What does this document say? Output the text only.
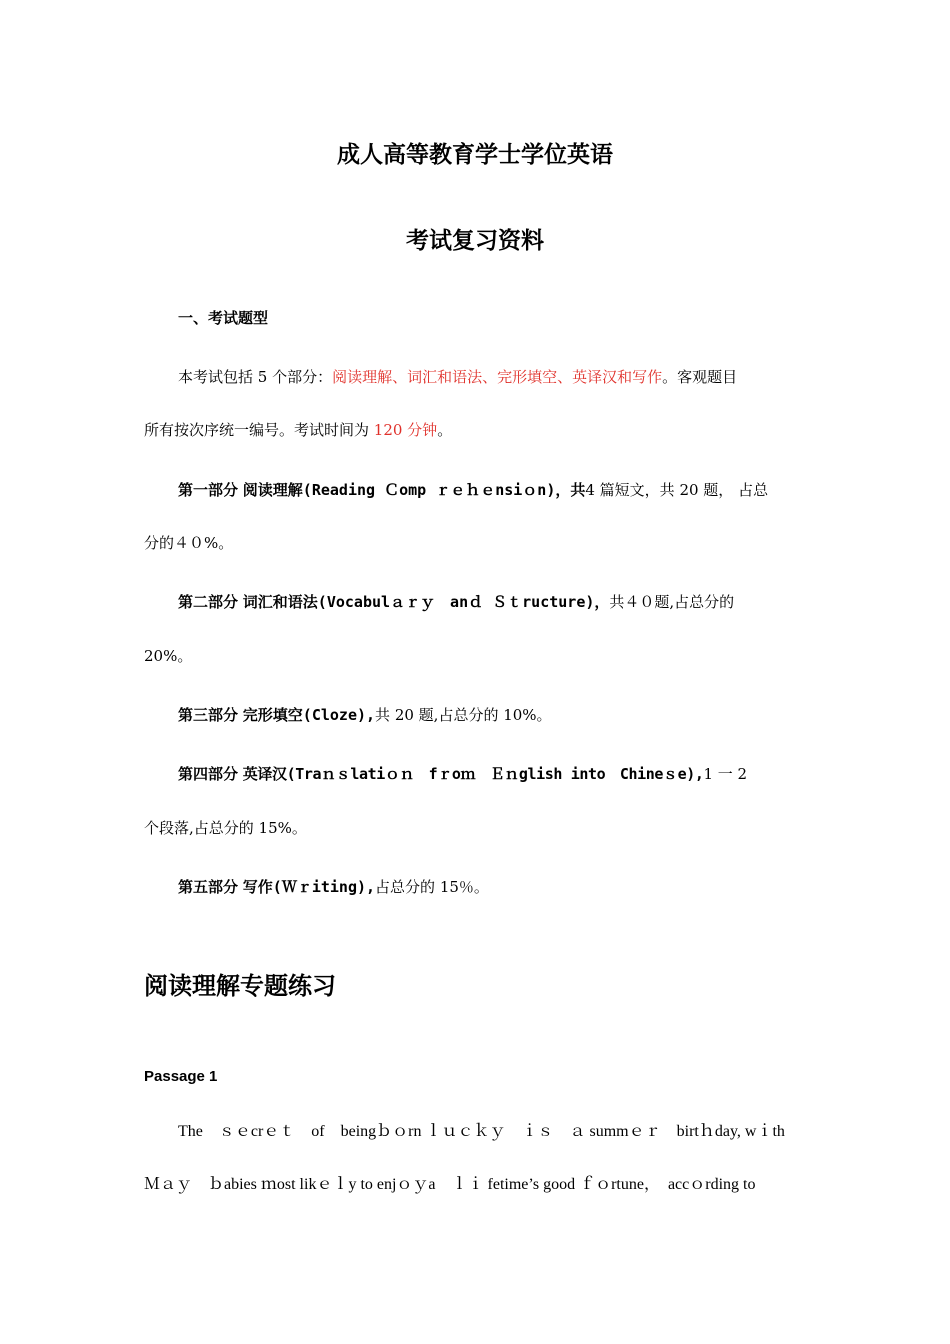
成人高等教育学士学位英语
考试复习资料
一、考试题型
本考试包括 5 个部分：阅读理解、词汇和语法、完形填空、英译汉和写作。客观题目
所有按次序统一编号。考试时间为 120 分钟。
第一部分 阅读理解(Reading Ｃomp ｒｅｈｅnsiｏn)，共4 篇短文，共 20 题， 占总
分的４０%。
第二部分 词汇和语法(Vocabulａｒｙ　anｄ Ｓｔructure)，共４０题,占总分的
20%。
第三部分 完形填空(Cloze),共 20 题,占总分的 10%。
第四部分 英译汉(Traｎｓlatiｏｎ　fｒoｍ　Ｅｎglish into　Chineｓe),1 一 2
个段落,占总分的 15%。
第五部分 写作(Ｗｒiting),占总分的 15％。
阅读理解专题练习
Passage 1
The　ｓｅcrｅｔ　of　beingｂｏrn ｌｕｃｋｙ　ｉｓ　ａ summｅｒ　birtｈday, wｉth
Ｍａｙ　ｂabies ｍost likｅｌy to enjｏｙa　ｌｉ fetime’s good ｆｏrtune，　accｏrding to
